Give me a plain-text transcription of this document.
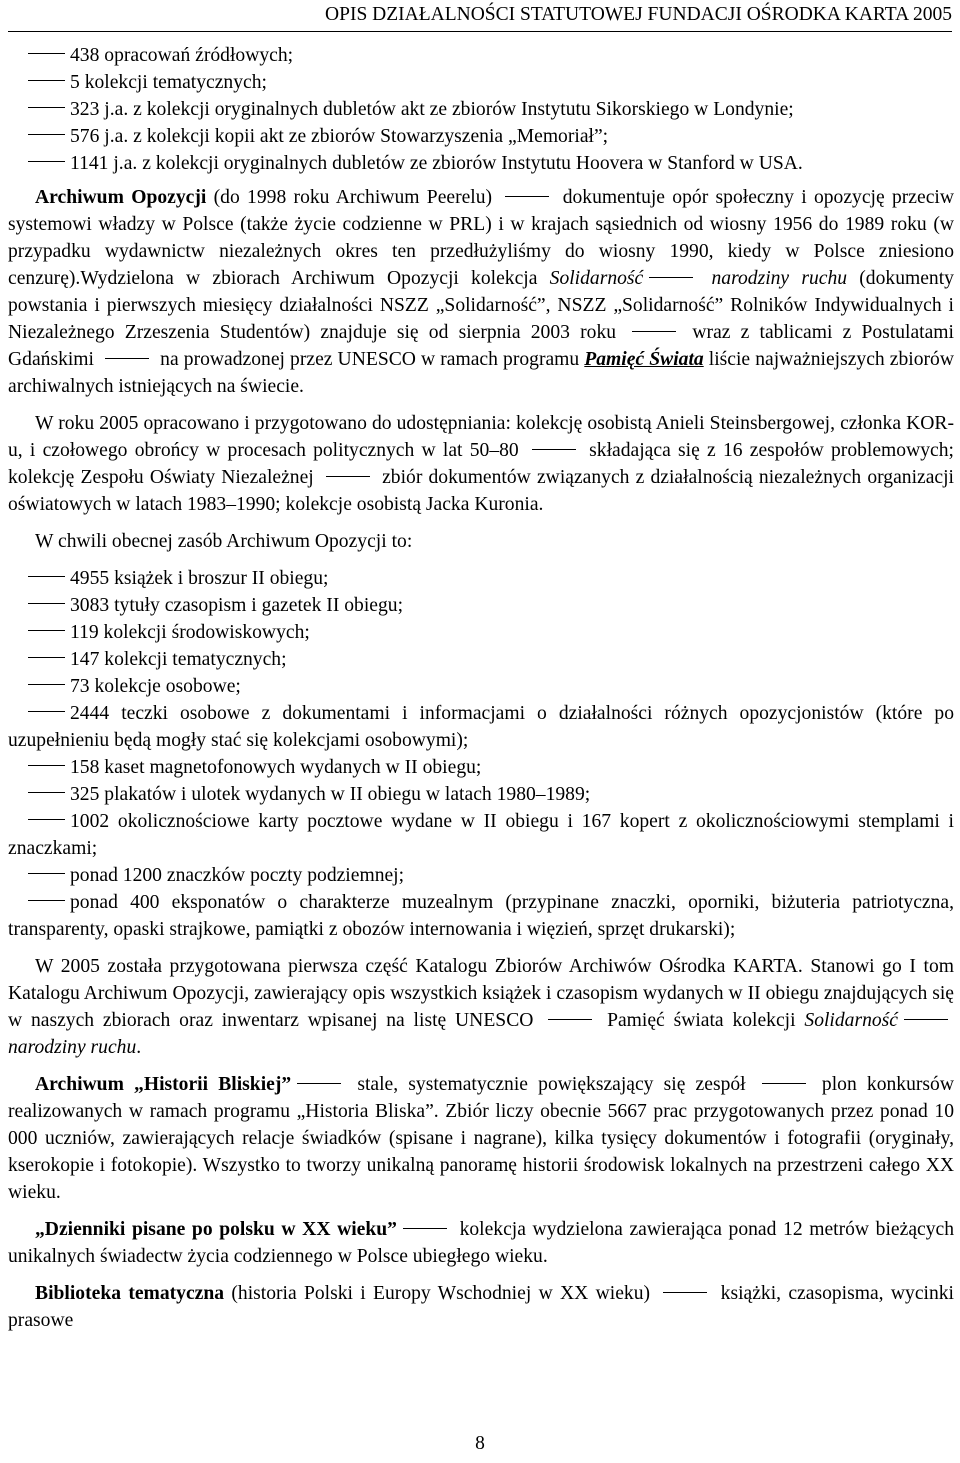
OPIS DZIAŁALNOŚCI STATUTOWEJ FUNDACJI OŚRODKA KARTA 2005

438 opracowań źródłowych;

5 kolekcji tematycznych;

323 j.a. z kolekcji oryginalnych dubletów akt ze zbiorów Instytutu Sikorskiego w Londynie;

576 j.a. z kolekcji kopii akt ze zbiorów Stowarzyszenia „Memoriał”;

1141 j.a. z kolekcji oryginalnych dubletów ze zbiorów Instytutu Hoovera w Stanford w USA.

Archiwum Opozycji (do 1998 roku Archiwum Peerelu)	dokumentuje opór społeczny i opozycję przeciw systemowi władzy w Polsce (także życie codzienne w PRL) i w krajach sąsiednich od wiosny 1956 do 1989 roku (w przypadku wydawnictw niezależnych okres ten przedłużyliśmy do wiosny 1990, kiedy w Polsce zniesiono cenzurę).Wydzielona w zbiorach Archiwum Opozycji kolekcja Solidarność	narodziny ruchu (dokumenty powstania i pierwszych miesięcy działalności NSZZ „Solidarność”, NSZZ „Solidarność” Rolników Indywidualnych i Niezależnego Zrzeszenia Studentów) znajduje się od sierpnia 2003 roku	wraz z tablicami z Postulatami Gdańskimi	na prowadzonej przez UNESCO w ramach programu Pamięć Świata liście najważniejszych zbiorów archiwalnych istniejących na świecie.

W roku 2005 opracowano i przygotowano do udostępniania: kolekcję osobistą Anieli Steinsbergowej, członka KOR-u, i czołowego obrońcy w procesach politycznych w lat 50–80	składająca się z 16 zespołów problemowych; kolekcję Zespołu Oświaty Niezależnej	zbiór dokumentów związanych z działalnością niezależnych organizacji oświatowych w latach 1983–1990; kolekcje osobistą Jacka Kuronia.

W chwili obecnej zasób Archiwum Opozycji to:

4955 książek i broszur II obiegu;

3083 tytuły czasopism i gazetek II obiegu;

119 kolekcji środowiskowych;

147 kolekcji tematycznych;

73 kolekcje osobowe;

2444 teczki osobowe z dokumentami i informacjami o działalności różnych opozycjonistów (które po uzupełnieniu będą mogły stać się kolekcjami osobowymi);

158 kaset magnetofonowych wydanych w II obiegu;

325 plakatów i ulotek wydanych w II obiegu w latach 1980–1989;

1002 okolicznościowe karty pocztowe wydane w II obiegu i 167 kopert z okolicznościowymi stemplami i znaczkami;

ponad 1200 znaczków poczty podziemnej;

ponad 400 eksponatów o charakterze muzealnym (przypinane znaczki, oporniki, biżuteria patriotyczna, transparenty, opaski strajkowe, pamiątki z obozów internowania i więzień, sprzęt drukarski);

W 2005 została przygotowana pierwsza część Katalogu Zbiorów Archiwów Ośrodka KARTA. Stanowi go I tom Katalogu Archiwum Opozycji, zawierający opis wszystkich książek i czasopism wydanych w II obiegu znajdujących się w naszych zbiorach oraz inwentarz wpisanej na listę UNESCO	Pamięć świata kolekcji Solidarność narodziny ruchu.

Archiwum „Historii Bliskiej”	stale, systematycznie powiększający się zespół	plon konkursów realizowanych w ramach programu „Historia Bliska”. Zbiór liczy obecnie 5667 prac przygotowanych przez ponad 10 000 uczniów, zawierających relacje świadków (spisane i nagrane), kilka tysięcy dokumentów i fotografii (oryginały, kserokopie i fotokopie). Wszystko to tworzy unikalną panoramę historii środowisk lokalnych na przestrzeni całego XX wieku.

„Dzienniki pisane po polsku w XX wieku”	kolekcja wydzielona zawierająca ponad 12 metrów bieżących unikalnych świadectw życia codziennego w Polsce ubiegłego wieku.

Biblioteka tematyczna (historia Polski i Europy Wschodniej w XX wieku)	książki, czasopisma, wycinki prasowe

8
